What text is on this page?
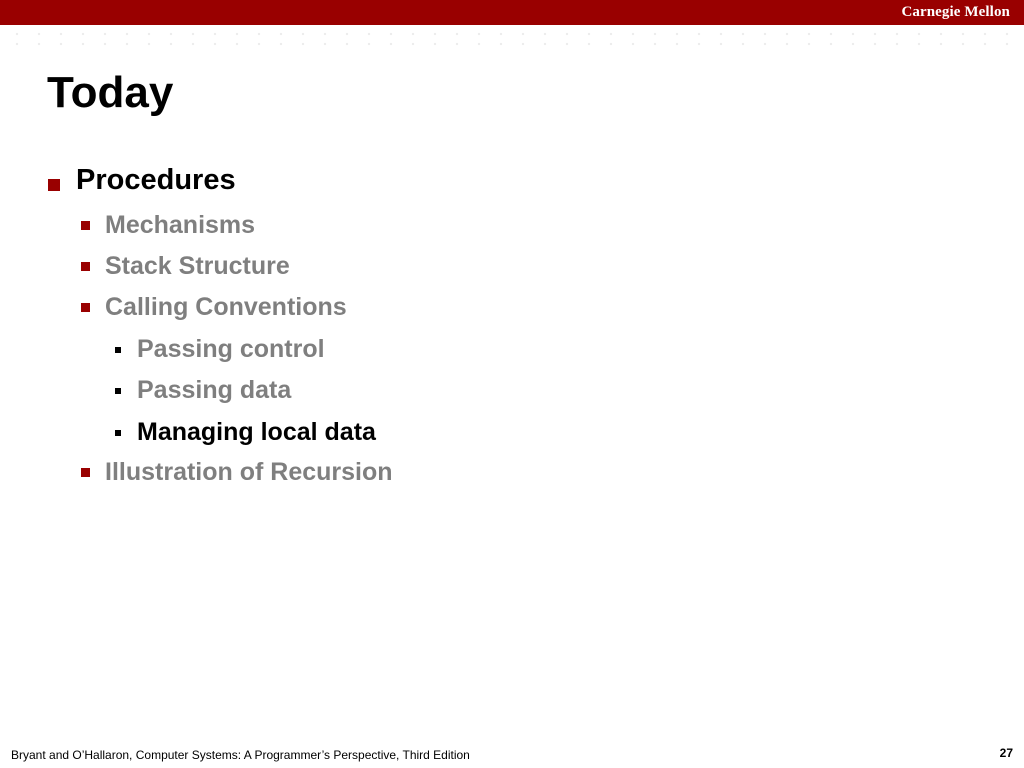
Carnegie Mellon
Today
Procedures
Mechanisms
Stack Structure
Calling Conventions
Passing control
Passing data
Managing local data
Illustration of Recursion
Bryant and O’Hallaron, Computer Systems: A Programmer’s Perspective, Third Edition	27
